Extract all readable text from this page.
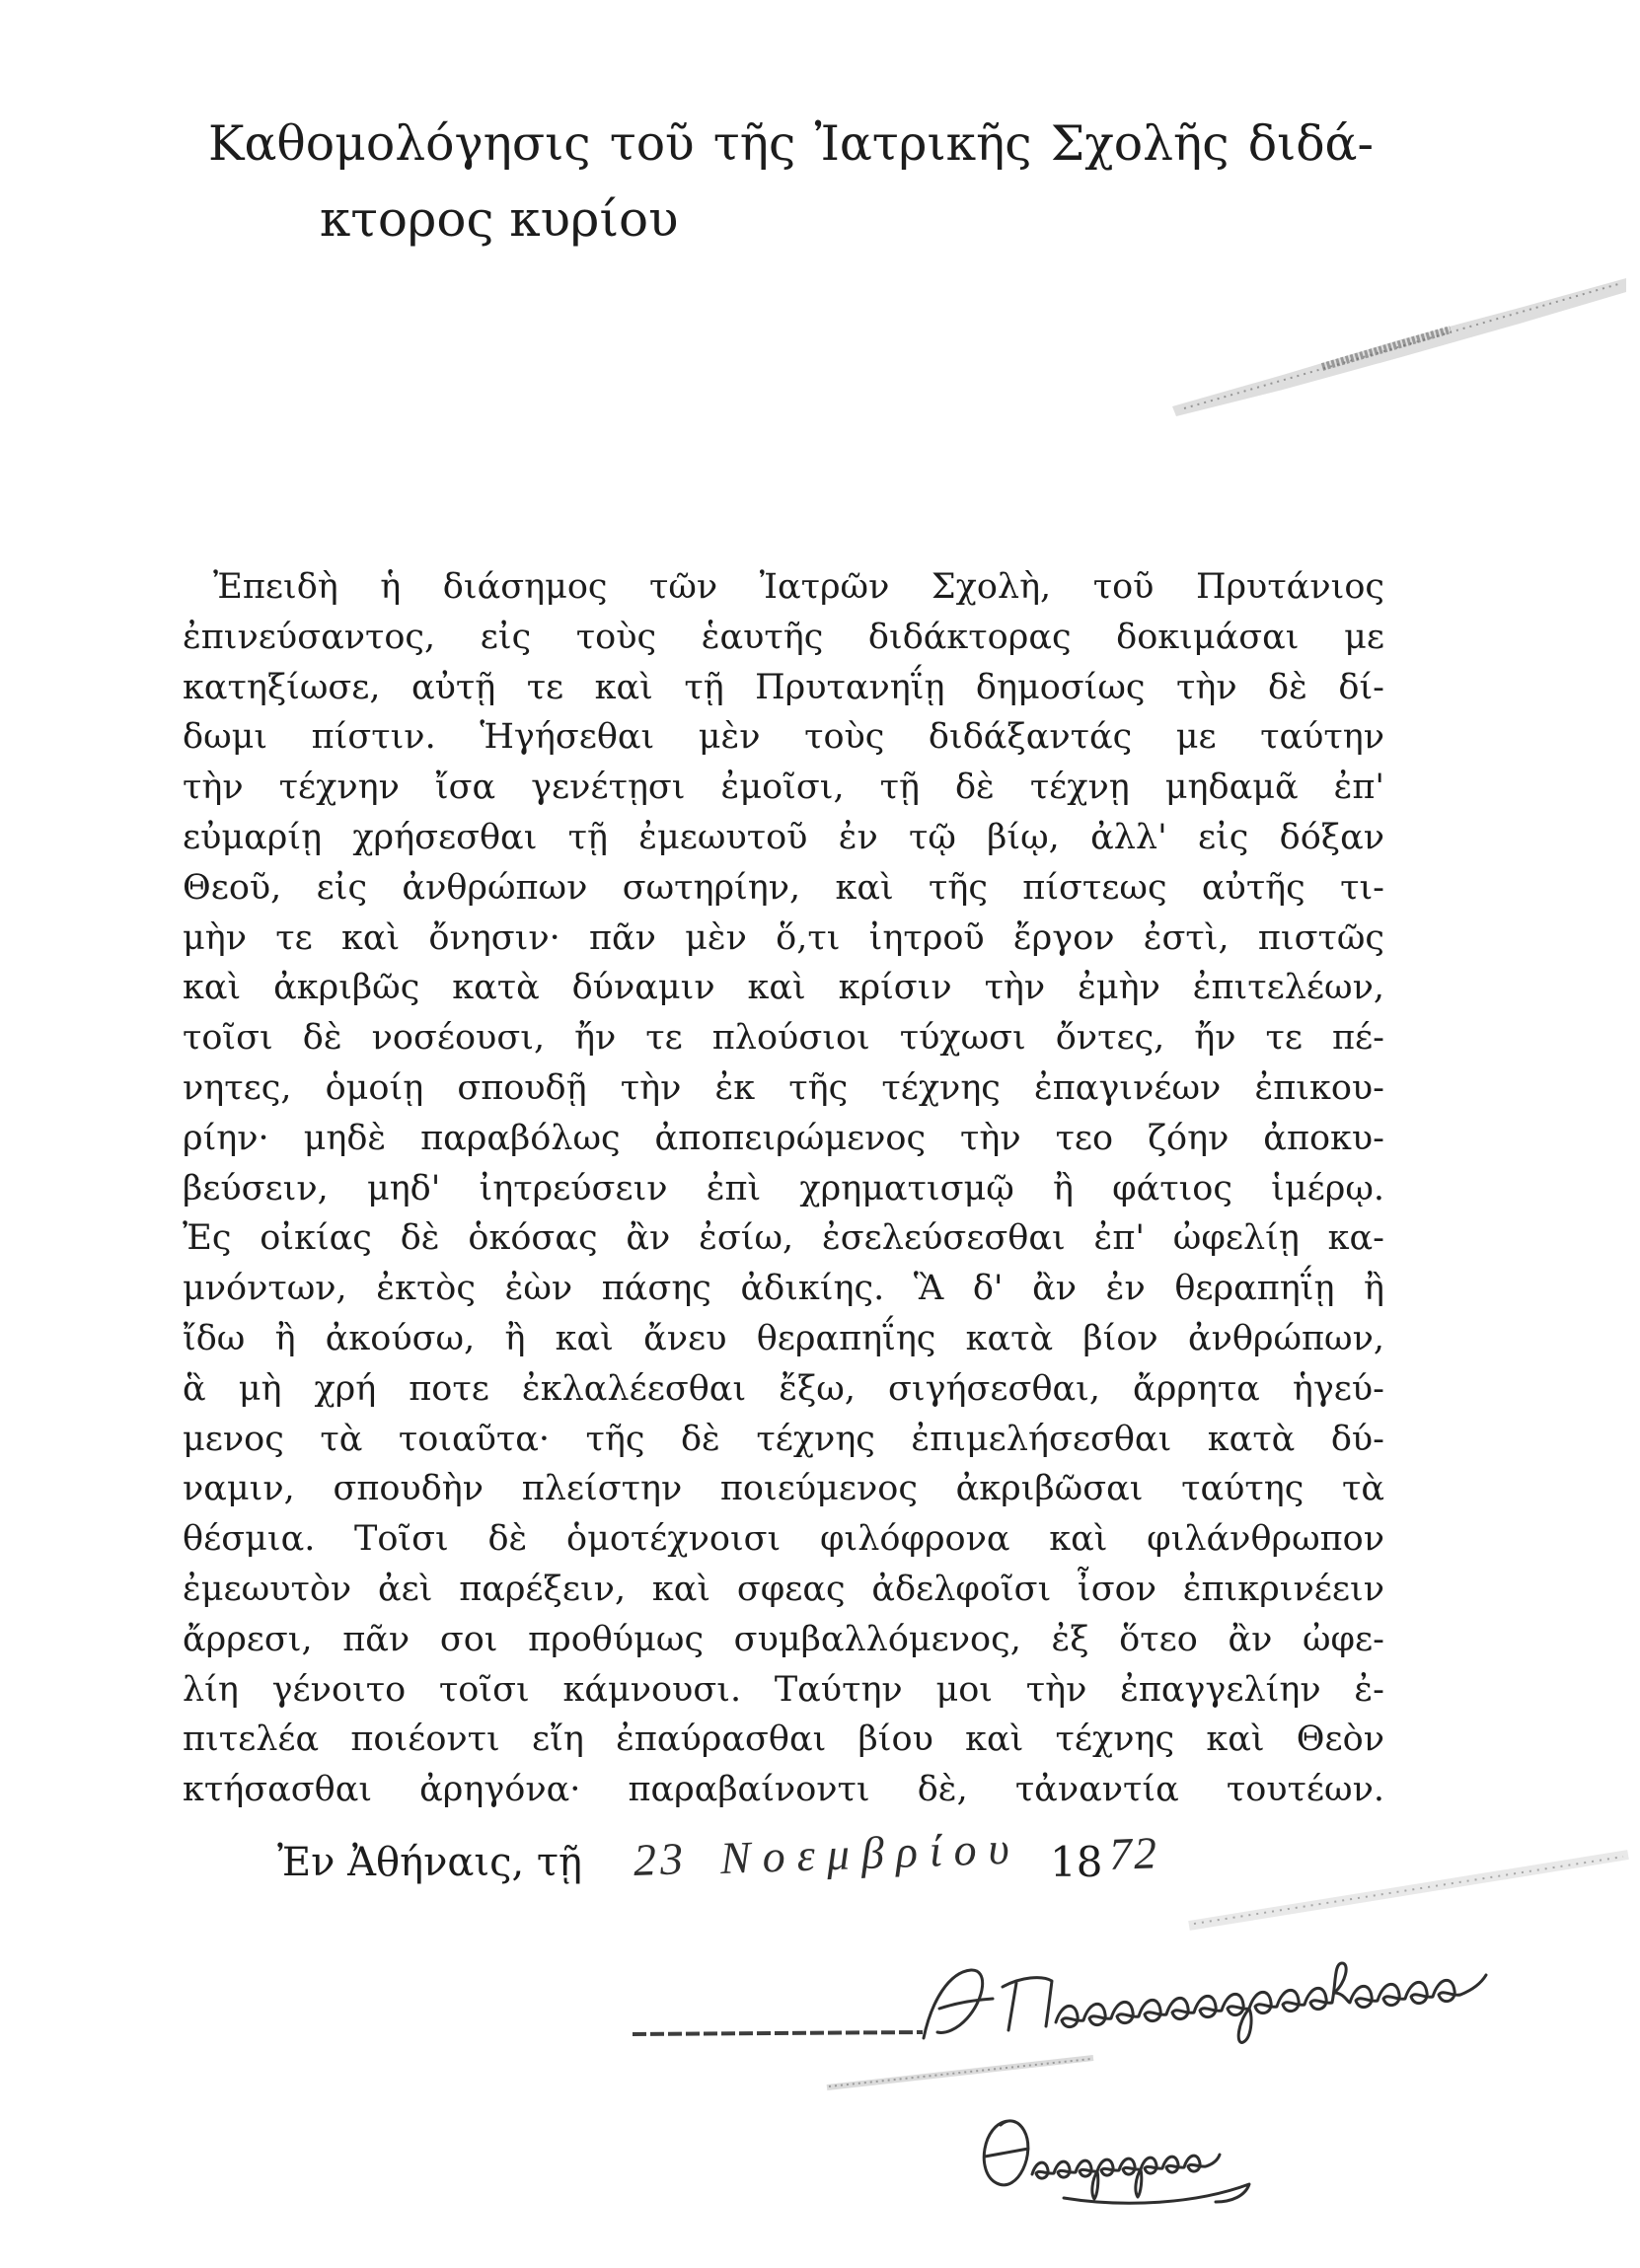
Καθομολόγησις τοῦ τῆς Ἰατρικῆς Σχολῆς διδά-
κτορος κυρίου
Ἐπειδὴ ἡ διάσημος τῶν Ἰατρῶν Σχολὴ, τοῦ Πρυτάνιος
ἐπινεύσαντος, εἰς τοὺς ἑαυτῆς διδάκτορας δοκιμάσαι με
κατηξίωσε, αὐτῇ τε καὶ τῇ Πρυτανηΐῃ δημοσίως τὴν δὲ δί-
δωμι πίστιν. Ἡγήσεθαι μὲν τοὺς διδάξαντάς με ταύτην
τὴν τέχνην ἴσα γενέτῃσι ἐμοῖσι, τῇ δὲ τέχνῃ μηδαμᾶ ἐπ'
εὐμαρίῃ χρήσεσθαι τῇ ἐμεωυτοῦ ἐν τῷ βίῳ, ἀλλ' εἰς δόξαν
Θεοῦ, εἰς ἀνθρώπων σωτηρίην, καὶ τῆς πίστεως αὐτῆς τι-
μὴν τε καὶ ὄνησιν· πᾶν μὲν ὅ,τι ἰητροῦ ἔργον ἐστὶ, πιστῶς
καὶ ἀκριβῶς κατὰ δύναμιν καὶ κρίσιν τὴν ἐμὴν ἐπιτελέων,
τοῖσι δὲ νοσέουσι, ἤν τε πλούσιοι τύχωσι ὄντες, ἤν τε πέ-
νητες, ὁμοίῃ σπουδῇ τὴν ἐκ τῆς τέχνης ἐπαγινέων ἐπικου-
ρίην· μηδὲ παραβόλως ἀποπειρώμενος τὴν τεο ζόην ἀποκυ-
βεύσειν, μηδ' ἰητρεύσειν ἐπὶ χρηματισμῷ ἢ φάτιος ἱμέρῳ.
Ἐς οἰκίας δὲ ὁκόσας ἂν ἐσίω, ἐσελεύσεσθαι ἐπ' ὠφελίῃ κα-
μνόντων, ἐκτὸς ἐὼν πάσης ἀδικίης. Ἃ δ' ἂν ἐν θεραπηΐῃ ἢ
ἴδω ἢ ἀκούσω, ἢ καὶ ἄνευ θεραπηΐης κατὰ βίον ἀνθρώπων,
ἃ μὴ χρή ποτε ἐκλαλέεσθαι ἔξω, σιγήσεσθαι, ἄρρητα ἡγεύ-
μενος τὰ τοιαῦτα· τῆς δὲ τέχνης ἐπιμελήσεσθαι κατὰ δύ-
ναμιν, σπουδὴν πλείστην ποιεύμενος ἀκριβῶσαι ταύτης τὰ
θέσμια. Τοῖσι δὲ ὁμοτέχνοισι φιλόφρονα καὶ φιλάνθρωπον
ἐμεωυτὸν ἀεὶ παρέξειν, καὶ σφεας ἀδελφοῖσι ἶσον ἐπικρινέειν
ἄρρεσι, πᾶν σοι προθύμως συμβαλλόμενος, ἐξ ὅτεο ἂν ὠφε-
λίη γένοιτο τοῖσι κάμνουσι. Ταύτην μοι τὴν ἐπαγγελίην ἐ-
πιτελέα ποιέοντι εἴη ἐπαύρασθαι βίου καὶ τέχνης καὶ Θεὸν
κτήσασθαι ἀρηγόνα· παραβαίνοντι δὲ, τἀναντία τουτέων.
Ἐν Ἀθήναις, τῇ 23 Νοεμβρίου 18 72
